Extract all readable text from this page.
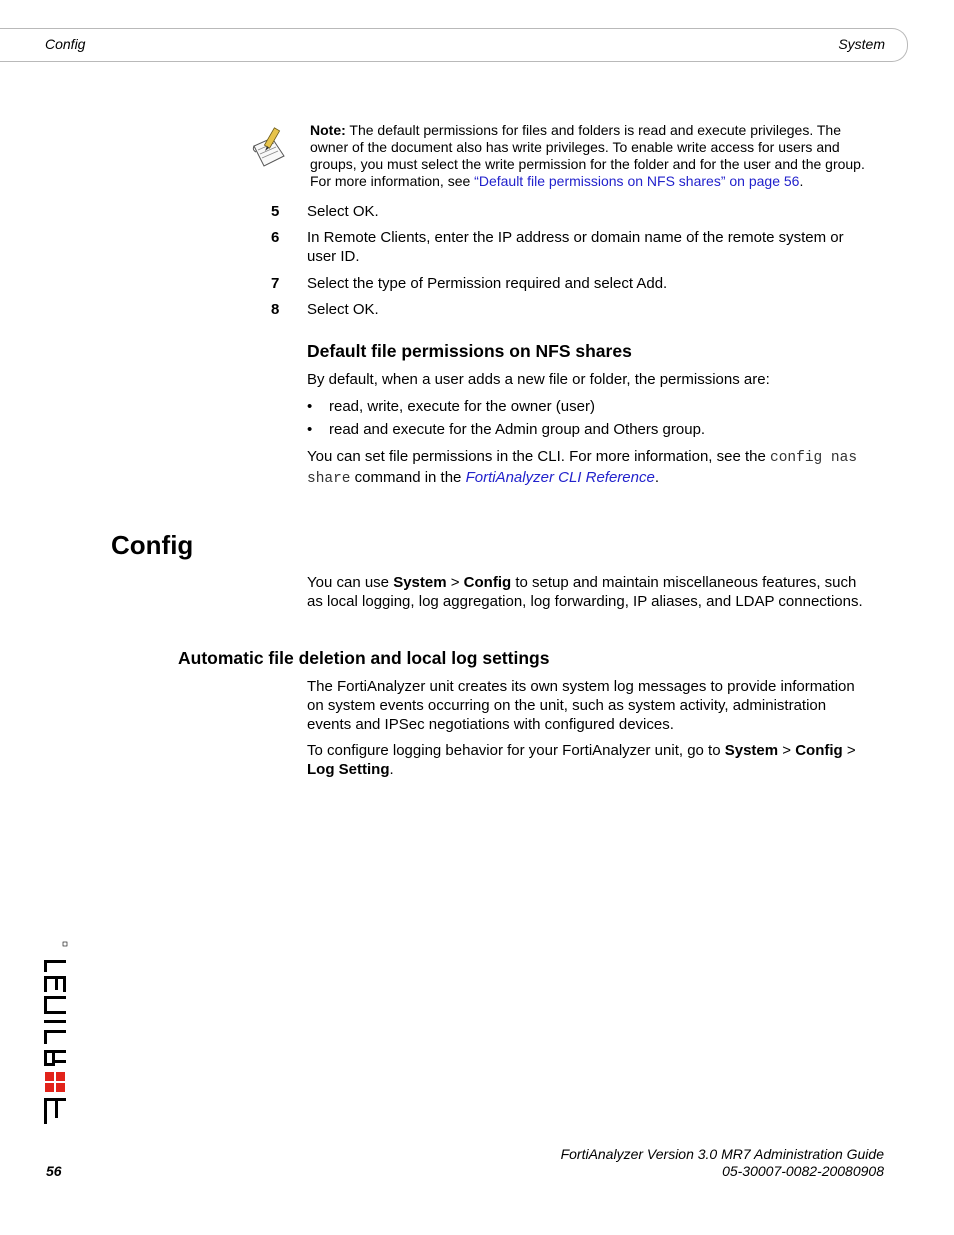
Config	System
Note: The default permissions for files and folders is read and execute privileges. The owner of the document also has write privileges. To enable write access for users and groups, you must select the write permission for the folder and for the user and the group. For more information, see “Default file permissions on NFS shares” on page 56.
5 Select OK.
6 In Remote Clients, enter the IP address or domain name of the remote system or user ID.
7 Select the type of Permission required and select Add.
8 Select OK.
Default file permissions on NFS shares
By default, when a user adds a new file or folder, the permissions are:
• read, write, execute for the owner (user)
• read and execute for the Admin group and Others group.
You can set file permissions in the CLI. For more information, see the config nas share command in the FortiAnalyzer CLI Reference.
Config
You can use System > Config to setup and maintain miscellaneous features, such as local logging, log aggregation, log forwarding, IP aliases, and LDAP connections.
Automatic file deletion and local log settings
The FortiAnalyzer unit creates its own system log messages to provide information on system events occurring on the unit, such as system activity, administration events and IPSec negotiations with configured devices.
To configure logging behavior for your FortiAnalyzer unit, go to System > Config > Log Setting.
56
FortiAnalyzer Version 3.0 MR7 Administration Guide
05-30007-0082-20080908
